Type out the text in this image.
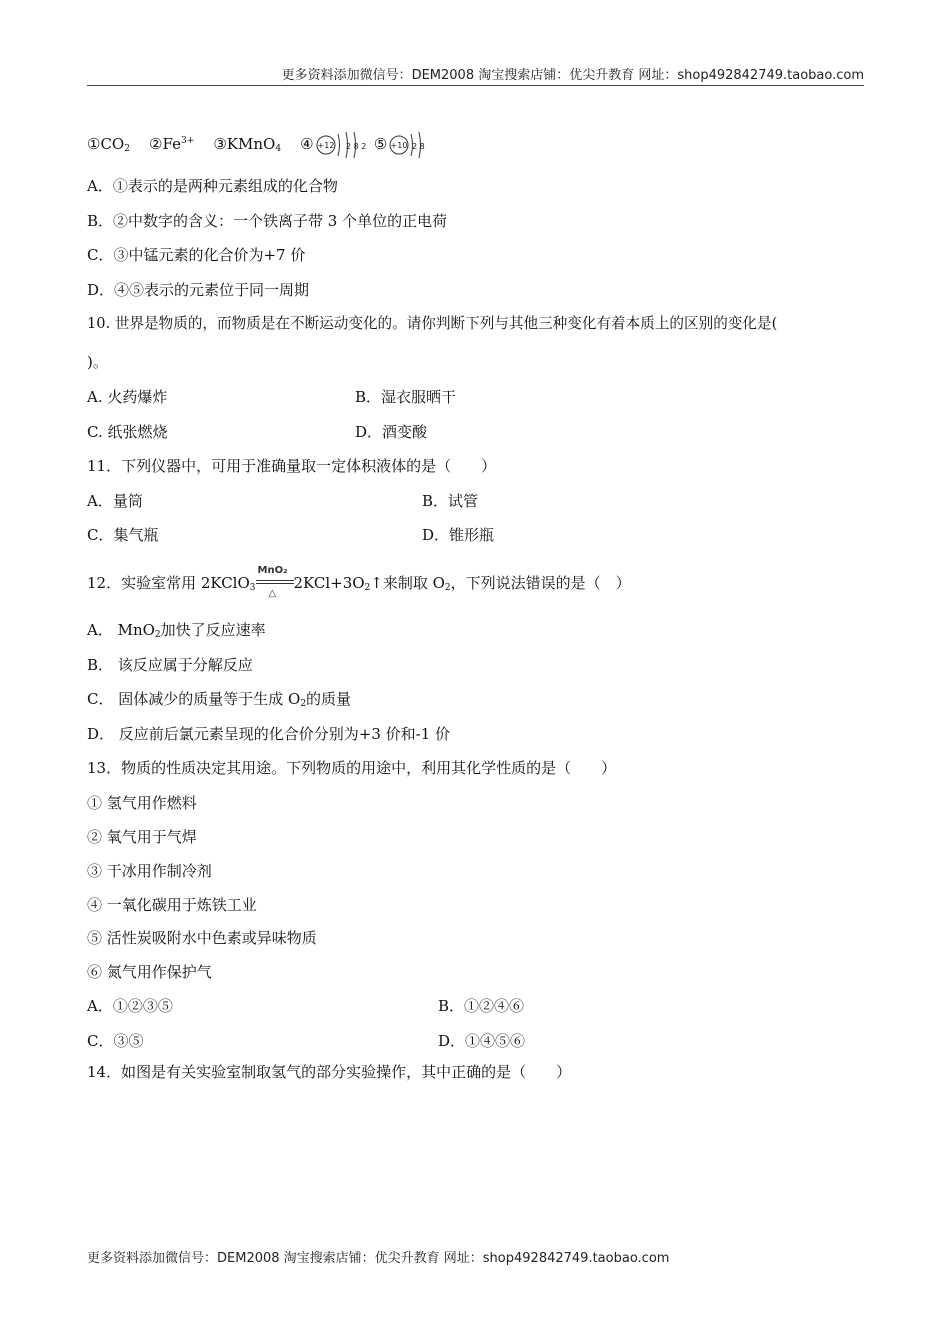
更多资料添加微信号：DEM2008 淘宝搜索店铺：优尖升教育 网址：shop492842749.taobao.com
$①CO_2$ $②Fe^{3+}$ ③KMnO$_4$ ④ +12 2 8 2 ⑤ +10 2 8
A．①表示的是两种元素组成的化合物
B．②中数字的含义：一个铁离子带 3 个单位的正电荷
C．③中锰元素的化合价为+7 价
D．④⑤表示的元素位于同一周期
10. 世界是物质的，而物质是在不断运动变化的。请你判断下列与其他三种变化有着本质上的区别的变化是(
)。
A. 火药爆炸	B．湿衣服晒干
C. 纸张燃烧	D．酒变酸
11．下列仪器中，可用于准确量取一定体积液体的是（　　）
A．量筒	B．试管
C．集气瓶	D．锥形瓶
12．实验室常用 2KClO$_3$
MnO₂
△
$2KCl+3O_2↑$来制取 $O_2$，下列说法错误的是（　）
A． MnO$_2$加快了反应速率
B． 该反应属于分解反应
C． 固体减少的质量等于生成 $O_2$的质量
D． 反应前后氯元素呈现的化合价分别为+3 价和-1 价
13．物质的性质决定其用途。下列物质的用途中，利用其化学性质的是（　　）
① 氢气用作燃料
② 氧气用于气焊
③ 干冰用作制冷剂
④ 一氧化碳用于炼铁工业
⑤ 活性炭吸附水中色素或异味物质
⑥ 氮气用作保护气
A．①②③⑤	B．①②④⑥
C．③⑤	D．①④⑤⑥
14．如图是有关实验室制取氢气的部分实验操作，其中正确的是（　　）
更多资料添加微信号：DEM2008 淘宝搜索店铺：优尖升教育 网址：shop492842749.taobao.com
